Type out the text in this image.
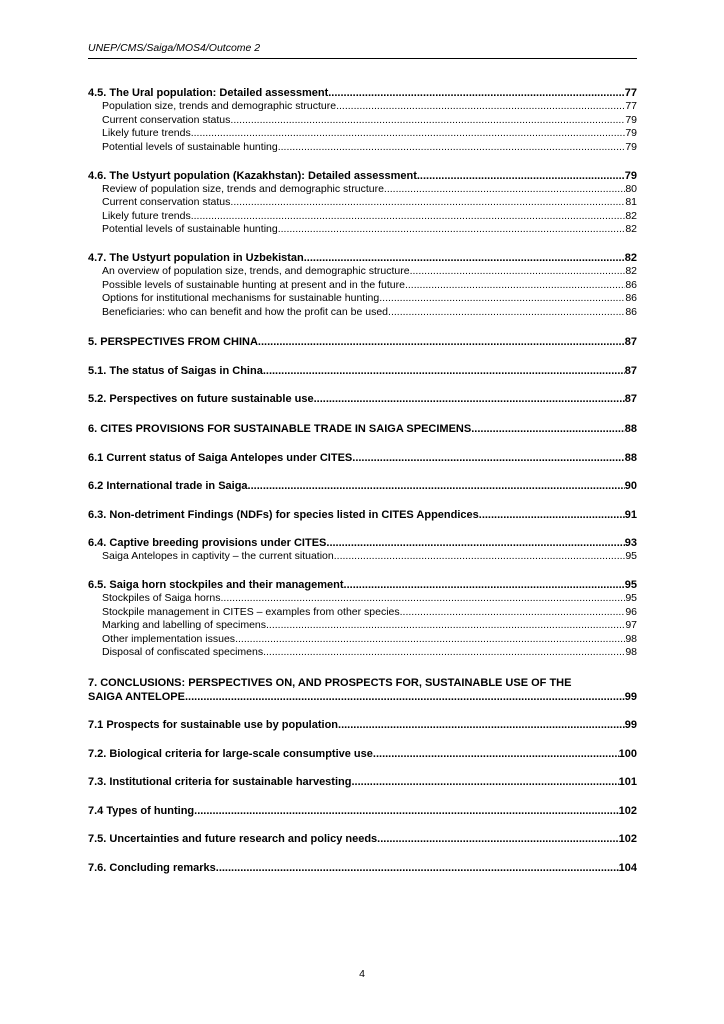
UNEP/CMS/Saiga/MOS4/Outcome 2
4.5. The Ural population: Detailed assessment .....	77
Population size, trends and demographic structure .....	77
Current conservation status .....	79
Likely future trends .....	79
Potential levels of sustainable hunting .....	79
4.6. The Ustyurt population (Kazakhstan): Detailed assessment .....	79
Review of population size, trends and demographic structure .....	80
Current conservation status .....	81
Likely future trends .....	82
Potential levels of sustainable hunting .....	82
4.7. The Ustyurt population in Uzbekistan .....	82
An overview of population size, trends, and demographic structure. .....	82
Possible levels of sustainable hunting at present and in the future. .....	86
Options for institutional mechanisms for sustainable hunting. .....	86
Beneficiaries: who can benefit and how the profit can be used. .....	86
5. PERSPECTIVES FROM CHINA .....	87
5.1. The status of Saigas in China .....	87
5.2. Perspectives on future sustainable use .....	87
6. CITES PROVISIONS FOR SUSTAINABLE TRADE IN SAIGA SPECIMENS .....	88
6.1 Current status of Saiga Antelopes under CITES .....	88
6.2 International trade in Saiga .....	90
6.3. Non-detriment Findings (NDFs) for species listed in CITES Appendices .....	91
6.4. Captive breeding provisions under CITES .....	93
Saiga Antelopes in captivity – the current situation .....	95
6.5. Saiga horn stockpiles and their management .....	95
Stockpiles of Saiga horns .....	95
Stockpile management in CITES – examples from other species .....	96
Marking and labelling of specimens .....	97
Other implementation issues .....	98
Disposal of confiscated specimens .....	98
7. CONCLUSIONS: PERSPECTIVES ON, AND PROSPECTS FOR, SUSTAINABLE USE OF THE
SAIGA ANTELOPE .....	99
7.1 Prospects for sustainable use by population .....	99
7.2. Biological criteria for large-scale consumptive use. .....	100
7.3. Institutional criteria for sustainable harvesting .....	101
7.4 Types of hunting .....	102
7.5. Uncertainties and future research and policy needs .....	102
7.6. Concluding remarks .....	104
4
